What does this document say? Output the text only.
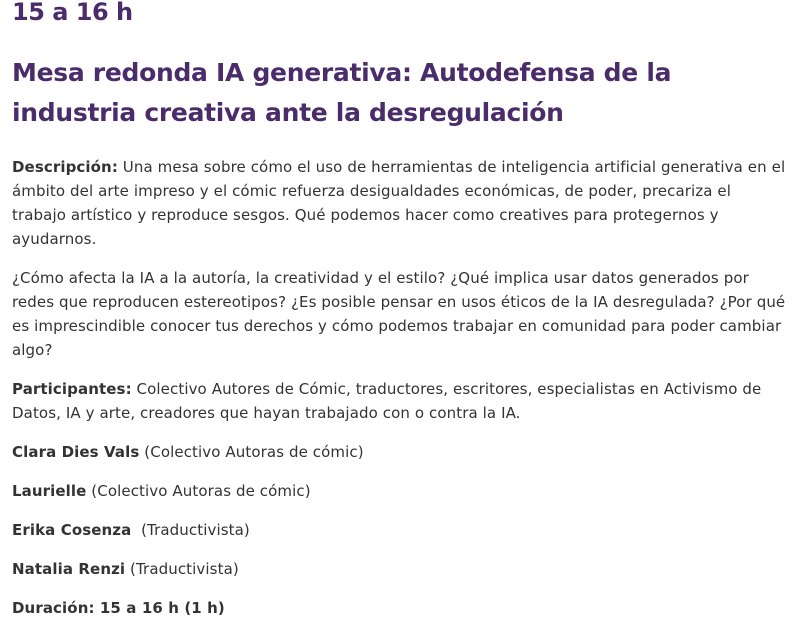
15 a 16 h
Mesa redonda IA generativa: Autodefensa de la industria creativa ante la desregulación

Descripción: Una mesa sobre cómo el uso de herramientas de inteligencia artificial generativa en el ámbito del arte impreso y el cómic refuerza desigualdades económicas, de poder, precariza el trabajo artístico y reproduce sesgos. Qué podemos hacer como creatives para protegernos y ayudarnos.

¿Cómo afecta la IA a la autoría, la creatividad y el estilo? ¿Qué implica usar datos generados por redes que reproducen estereotipos? ¿Es posible pensar en usos éticos de la IA desregulada? ¿Por qué es imprescindible conocer tus derechos y cómo podemos trabajar en comunidad para poder cambiar algo?

Participantes: Colectivo Autores de Cómic, traductores, escritores, especialistas en Activismo de Datos, IA y arte, creadores que hayan trabajado con o contra la IA.

Clara Dies Vals (Colectivo Autoras de cómic)

Laurielle (Colectivo Autoras de cómic)

Erika Cosenza  (Traductivista)

Natalia Renzi (Traductivista)

Duración: 15 a 16 h (1 h)
